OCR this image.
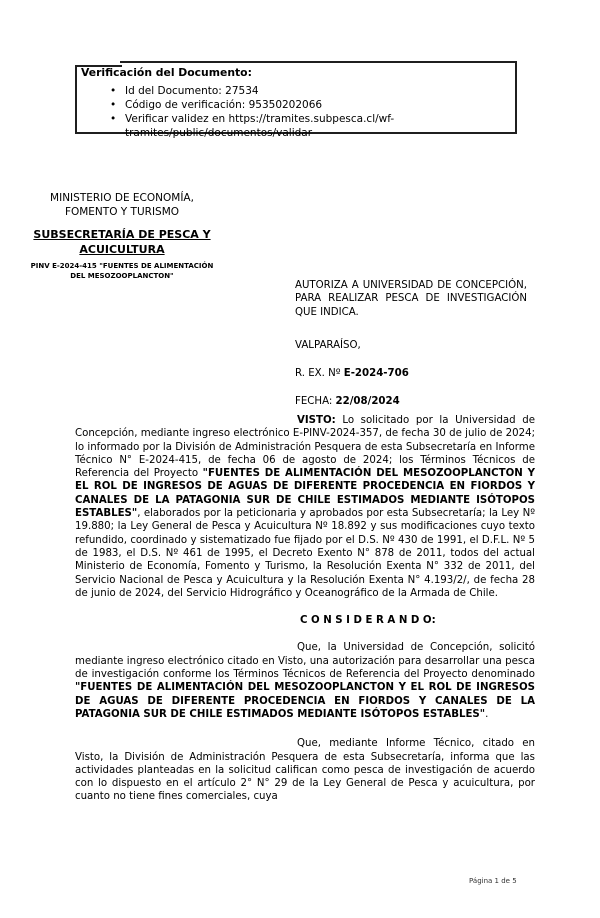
Verificación del Documento:
• Id del Documento: 27534
• Código de verificación: 95350202066
• Verificar validez en https://tramites.subpesca.cl/wf-tramites/public/documentos/validar
MINISTERIO DE ECONOMÍA,
FOMENTO Y TURISMO
SUBSECRETARÍA DE PESCA Y
ACUICULTURA
PINV E-2024-415 "FUENTES DE ALIMENTACIÓN
DEL MESOZOOPLANCTON"
AUTORIZA A UNIVERSIDAD DE CONCEPCIÓN, PARA REALIZAR PESCA DE INVESTIGACIÓN QUE INDICA.
VALPARAÍSO,
R. EX. Nº E-2024-706
FECHA: 22/08/2024

VISTO: Lo solicitado por la Universidad de Concepción, mediante ingreso electrónico E-PINV-2024-357, de fecha 30 de julio de 2024; lo informado por la División de Administración Pesquera de esta Subsecretaría en Informe Técnico N° E-2024-415, de fecha 06 de agosto de 2024; los Términos Técnicos de Referencia del Proyecto "FUENTES DE ALIMENTACIÓN DEL MESOZOOPLANCTON Y EL ROL DE INGRESOS DE AGUAS DE DIFERENTE PROCEDENCIA EN FIORDOS Y CANALES DE LA PATAGONIA SUR DE CHILE ESTIMADOS MEDIANTE ISÓTOPOS ESTABLES", elaborados por la peticionaria y aprobados por esta Subsecretaría; la Ley Nº 19.880; la Ley General de Pesca y Acuicultura Nº 18.892 y sus modificaciones cuyo texto refundido, coordinado y sistematizado fue fijado por el D.S. Nº 430 de 1991, el D.F.L. Nº 5 de 1983, el D.S. Nº 461 de 1995, el Decreto Exento N° 878 de 2011, todos del actual Ministerio de Economía, Fomento y Turismo, la Resolución Exenta N° 332 de 2011, del Servicio Nacional de Pesca y Acuicultura y la Resolución Exenta N° 4.193/2/, de fecha 28 de junio de 2024, del Servicio Hidrográfico y Oceanográfico de la Armada de Chile.

C O N S I D E R A N D O:

Que, la Universidad de Concepción, solicitó mediante ingreso electrónico citado en Visto, una autorización para desarrollar una pesca de investigación conforme los Términos Técnicos de Referencia del Proyecto denominado "FUENTES DE ALIMENTACIÓN DEL MESOZOOPLANCTON Y EL ROL DE INGRESOS DE AGUAS DE DIFERENTE PROCEDENCIA EN FIORDOS Y CANALES DE LA PATAGONIA SUR DE CHILE ESTIMADOS MEDIANTE ISÓTOPOS ESTABLES".

Que, mediante Informe Técnico, citado en Visto, la División de Administración Pesquera de esta Subsecretaría, informa que las actividades planteadas en la solicitud califican como pesca de investigación de acuerdo con lo dispuesto en el artículo 2° N° 29 de la Ley General de Pesca y acuicultura, por cuanto no tiene fines comerciales, cuya

Página 1 de 5
